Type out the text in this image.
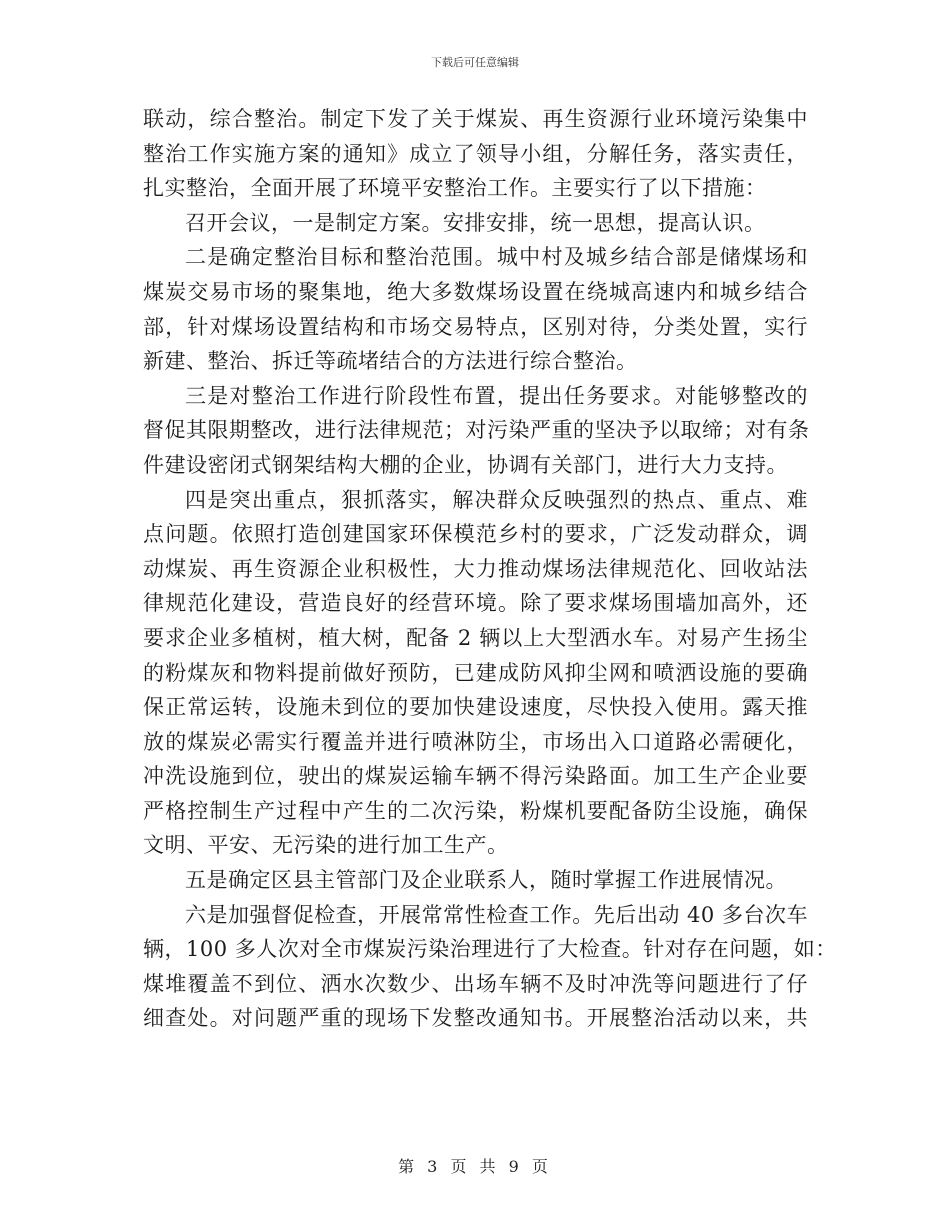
下载后可任意编辑
联动，综合整治。制定下发了关于煤炭、再生资源行业环境污染集中
整治工作实施方案的通知》成立了领导小组，分解任务，落实责任，
扎实整治，全面开展了环境平安整治工作。主要实行了以下措施：
召开会议，一是制定方案。安排安排，统一思想，提高认识。
二是确定整治目标和整治范围。城中村及城乡结合部是储煤场和
煤炭交易市场的聚集地，绝大多数煤场设置在绕城高速内和城乡结合
部，针对煤场设置结构和市场交易特点，区别对待，分类处置，实行
新建、整治、拆迁等疏堵结合的方法进行综合整治。
三是对整治工作进行阶段性布置，提出任务要求。对能够整改的
督促其限期整改，进行法律规范；对污染严重的坚决予以取缔；对有条
件建设密闭式钢架结构大棚的企业，协调有关部门，进行大力支持。
四是突出重点，狠抓落实，解决群众反映强烈的热点、重点、难
点问题。依照打造创建国家环保模范乡村的要求，广泛发动群众，调
动煤炭、再生资源企业积极性，大力推动煤场法律规范化、回收站法
律规范化建设，营造良好的经营环境。除了要求煤场围墙加高外，还
要求企业多植树，植大树，配备 2 辆以上大型洒水车。对易产生扬尘
的粉煤灰和物料提前做好预防，已建成防风抑尘网和喷洒设施的要确
保正常运转，设施未到位的要加快建设速度，尽快投入使用。露天推
放的煤炭必需实行覆盖并进行喷淋防尘，市场出入口道路必需硬化，
冲洗设施到位，驶出的煤炭运输车辆不得污染路面。加工生产企业要
严格控制生产过程中产生的二次污染，粉煤机要配备防尘设施，确保
文明、平安、无污染的进行加工生产。
五是确定区县主管部门及企业联系人，随时掌握工作进展情况。
六是加强督促检查，开展常常性检查工作。先后出动 40 多台次车
辆，100 多人次对全市煤炭污染治理进行了大检查。针对存在问题，如：
煤堆覆盖不到位、洒水次数少、出场车辆不及时冲洗等问题进行了仔
细查处。对问题严重的现场下发整改通知书。开展整治活动以来，共
第 3 页 共 9 页
